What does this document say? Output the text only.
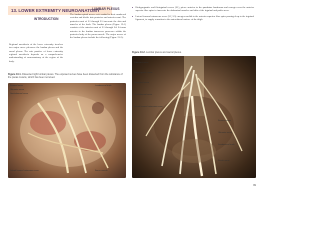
13. LOWER EXTREMITY NEUROANATOMY
INTRODUCTION

Regional anesthesia of the lower extremity involves two major nerve plexuses: the lumbar plexus and the sacral plexus. The safe practice of lower extremity regional anesthesia depends on a comprehensive understanding of neuroanatomy of the region of the body.

LUMBAR PLEXUS

The lumbar spinal nerves exit caudad to their numbered vertebra and divide into posterior and anterior rami. The posterior rami of L1 through L5 innervate the skin and muscles of the back. The lumbar plexus (Figure 13-1) consists of the anterior rami of L1 through L4. It forms anterior to the lumbar transverse processes within the posterior body of the psoas muscle. The major nerves of the lumbar plexus include the following (Figure 13-2):

Iliohypogastric and ilioinguinal nerves (L1), pierce anterior to the quadratus lumborum and emerges near the anterior superior iliac spine to innervate the abdominal muscles and skin of the inguinal and pubic areas.
Lateral femoral cutaneous nerve (L2, L3) emerges medial to the anterior superior iliac spine passing deep to the inguinal ligament, to supply sensation to the anterolateral surface of the thigh.
Figure 13-1. Dissected right lumbar plexus. The exposed nerves have been dissected from the substance of the psoas muscle, which has been removed.
Femoral nerve
Obturator nerve
Genitofemoral nerve
Lumbosacral trunk
Iliacus muscle
Lateral femoral cutaneous nerve
Figure 13-2. Lumbar plexus and sacral plexus.
Subcostal nerve
Iliohypogastric nerve
Ilioinguinal nerve
Genitofemoral nerve
Lateral femoral cutaneous nerve
Femoral nerve
Obturator nerve
Lumbosacral trunk
Sciatic nerve
99
